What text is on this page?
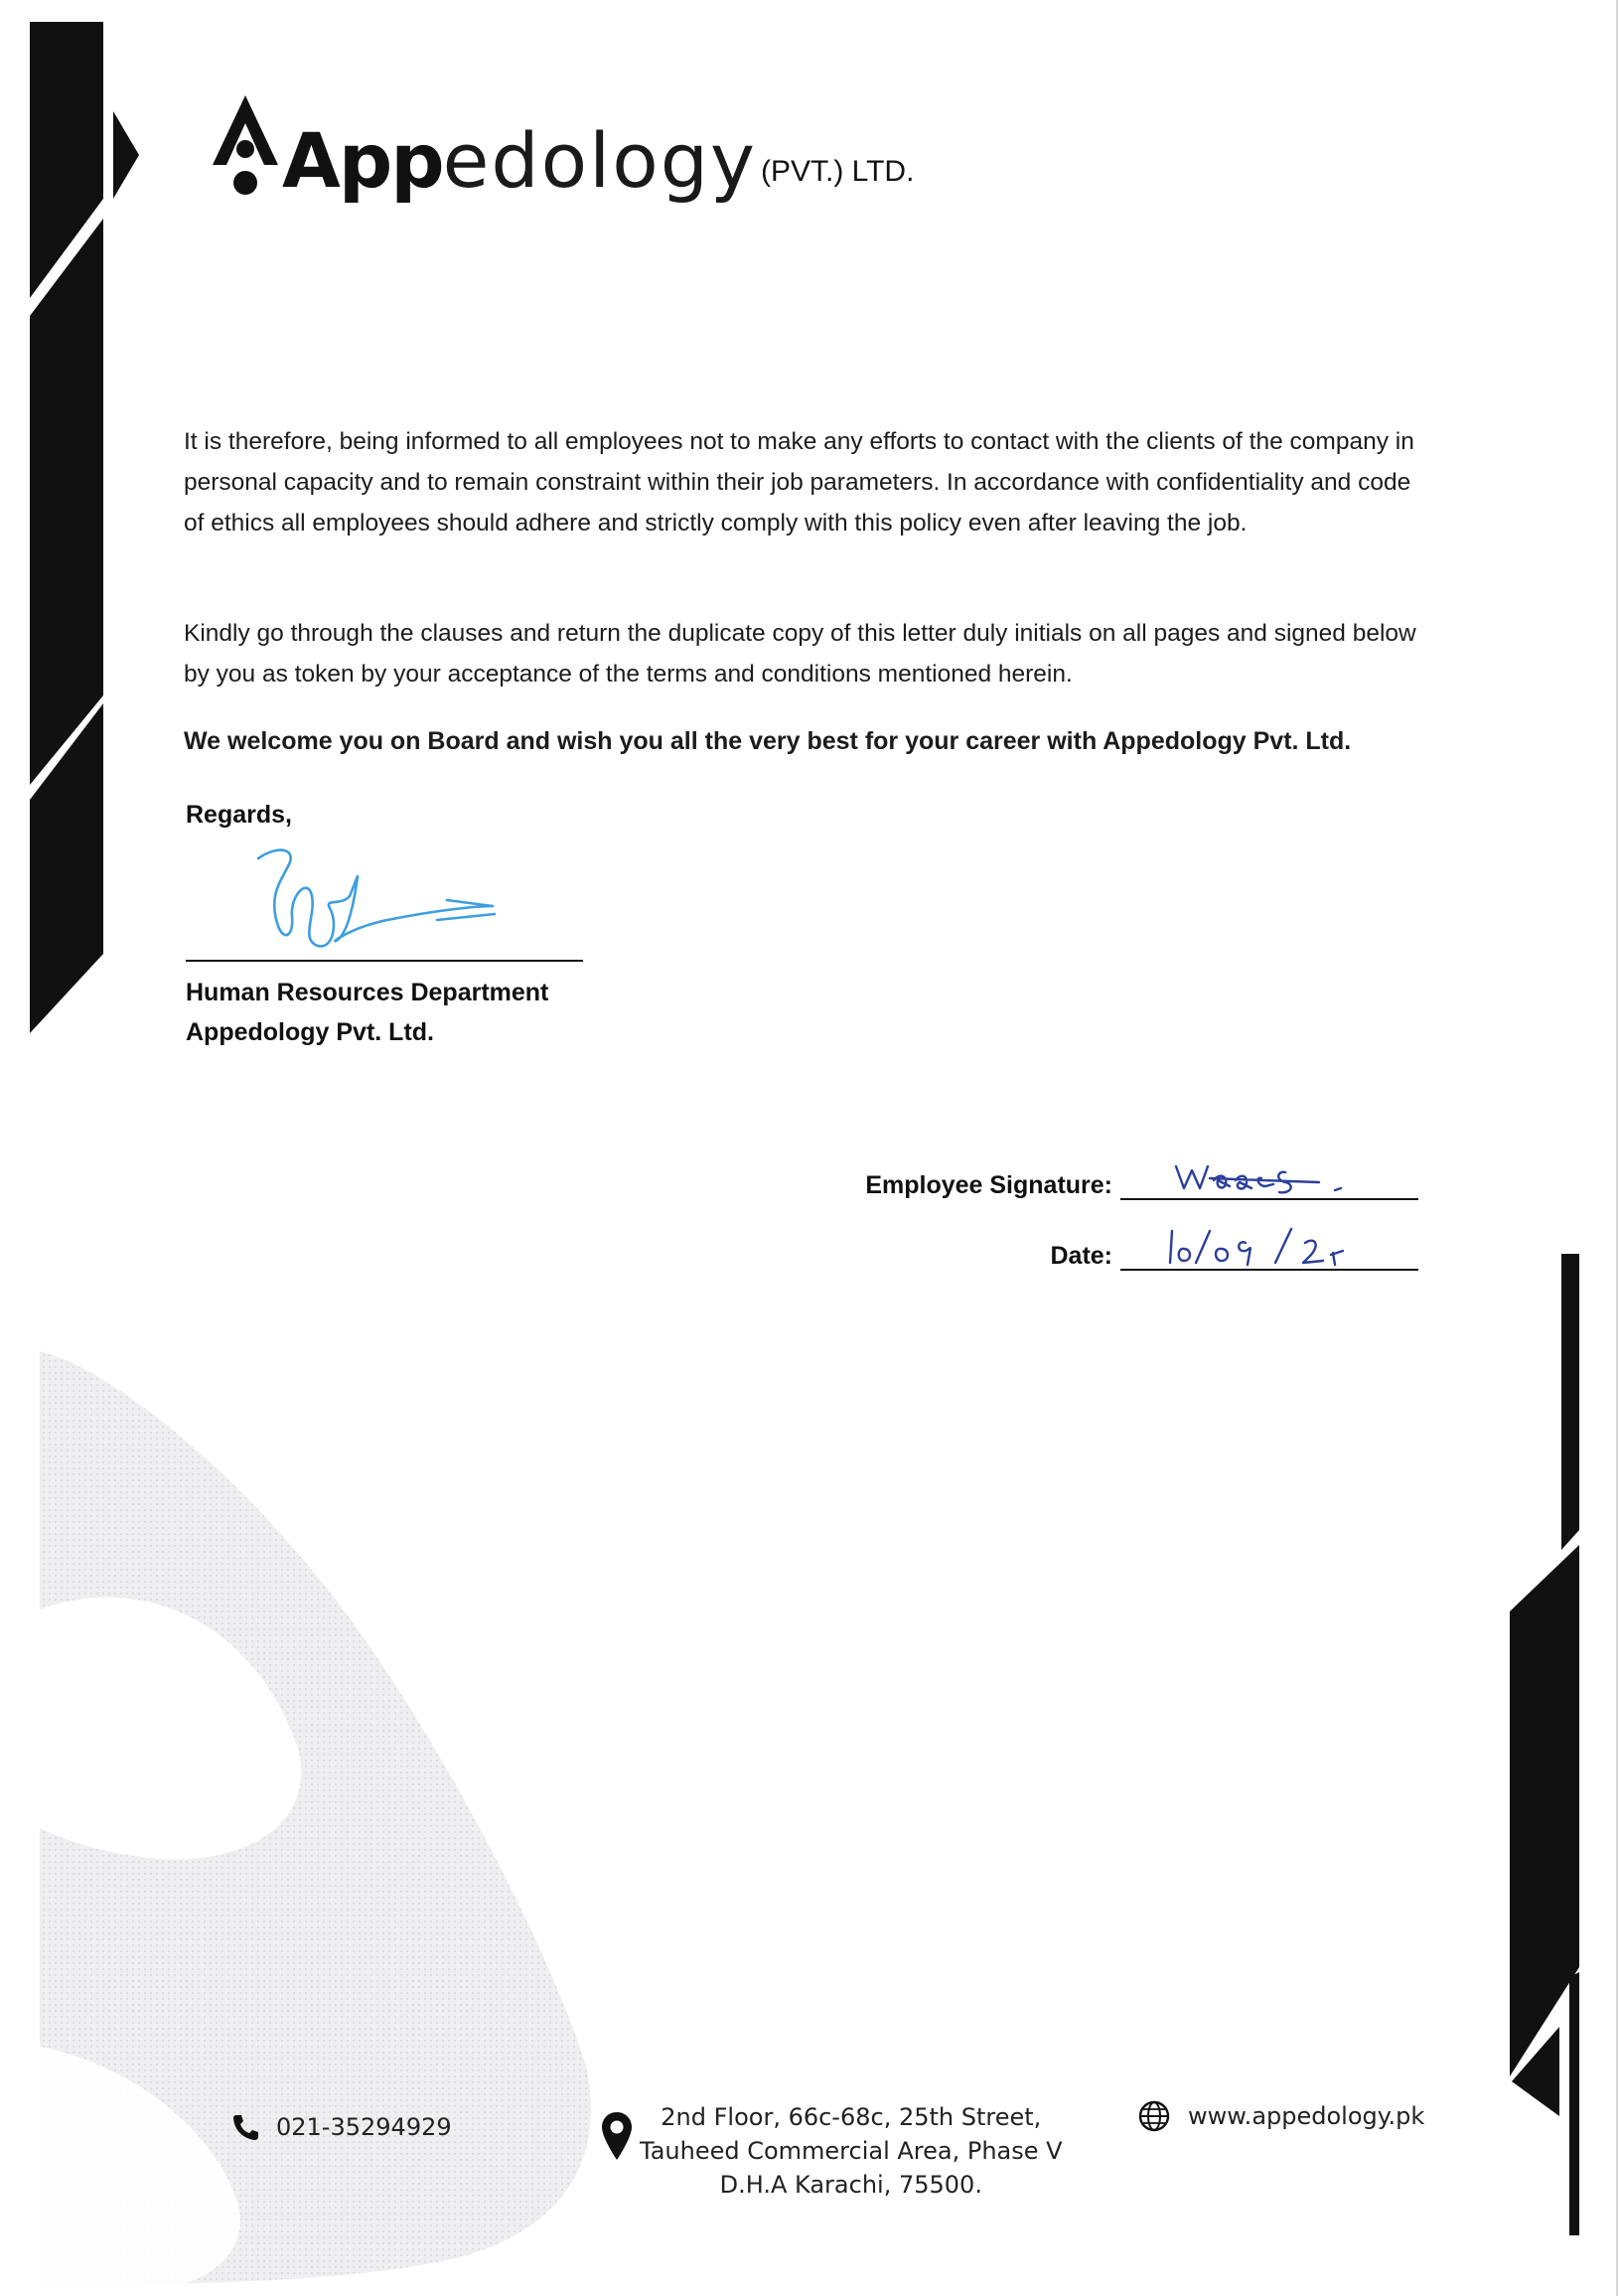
App edology (PVT.) LTD.
It is therefore, being informed to all employees not to make any efforts to contact with the clients of the company in personal capacity and to remain constraint within their job parameters. In accordance with confidentiality and code of ethics all employees should adhere and strictly comply with this policy even after leaving the job.
Kindly go through the clauses and return the duplicate copy of this letter duly initials on all pages and signed below by you as token by your acceptance of the terms and conditions mentioned herein.
We welcome you on Board and wish you all the very best for your career with Appedology Pvt. Ltd.
Regards,
Human Resources Department
Appedology Pvt. Ltd.
Employee Signature:
Date:
021-35294929	2nd Floor, 66c-68c, 25th Street,
Tauheed Commercial Area, Phase V
D.H.A Karachi, 75500.
www.appedology.pk
